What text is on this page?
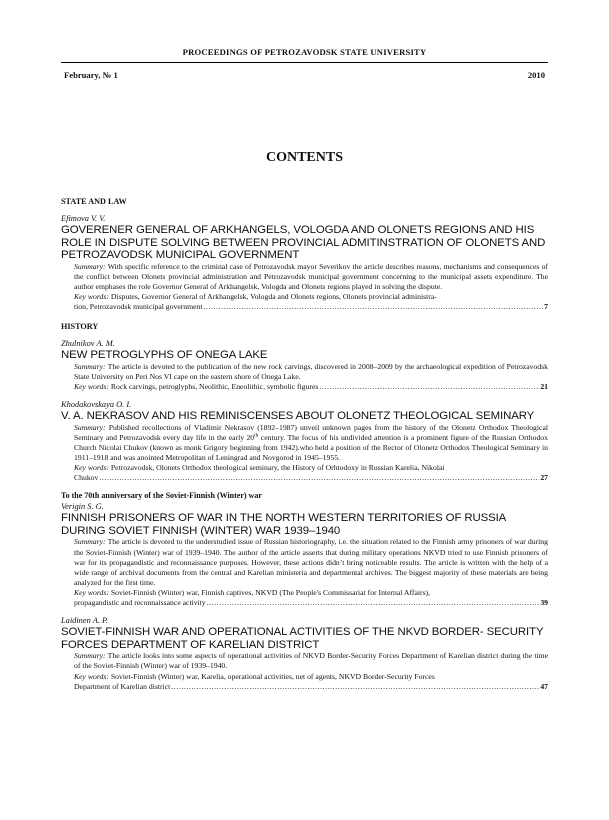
PROCEEDINGS OF PETROZAVODSK STATE UNIVERSITY
February, № 1	2010
CONTENTS
STATE AND LAW
Efimova V. V.
GOVERENER GENERAL OF ARKHANGELS, VOLOGDA AND OLONETS REGIONS AND HIS ROLE IN DISPUTE SOLVING BETWEEN PROVINCIAL ADMITINSTRATION OF OLONETS AND PETROZAVODSK MUNICIPAL GOVERNMENT
Summary: With specific reference to the criminal case of Petrozavodsk mayor Severikov the article describes reasons, mechanisms and consequences of the conflict between Olonets provincial administration and Petrozavodsk municipal government concerning to the municipal assets expenditure. The author emphases the role Governor General of Arkhangelsk, Vologda and Olonets regions played in solving the dispute.
Key words: Disputes, Governor General of Arkhangelsk, Vologda and Olonets regions, Olonets provincial administra-
tion, Petrozavodsk municipal government .....	7
HISTORY
Zhulnikov A. M.
NEW PETROGLYPHS OF ONEGA LAKE
Summary: The article is devoted to the publication of the new rock carvings, discovered in 2008–2009 by the archaeological expedition of Petrozavodsk State University on Peri Nos VI cape on the eastern shore of Onega Lake.
Key words: Rock carvings, petroglyphs, Neolithic, Eneolithic, symbolic figures .....	21
Khodakovskaya O. I.
V. A. NEKRASOV AND HIS REMINISCENSES ABOUT OLONETZ THEOLOGICAL SEMINARY
Summary: Published recollections of Vladimir Nekrasov (1892–1987) unveil unknown pages from the history of the Olonetz Orthodox Theological Seminary and Petrozavodsk every day life in the early 20th century. The focus of his undivided attention is a prominent figure of the Russian Orthodox Church Nicolai Chukov (known as monk Grigory beginning from 1942).who held a position of the Rector of Olonetz Orthodox Theological Seminary in 1911–1918 and was anointed Metropolitan of Leningrad and Novgorod in 1945–1955.
Key words: Petrozavodsk, Olonets Orthodox theological seminary, the History of Orhtodoxy in Russian Karelia, Nikolai
Chukov .....	27
To the 70th anniversary of the Soviet-Finnish (Winter) war
Verigin S. G.
FINNISH PRISONERS OF WAR IN THE NORTH WESTERN TERRITORIES OF RUSSIA DURING SOVIET FINNISH (WINTER) WAR 1939–1940
Summary: The article is devoted to the understudied issue of Russian historiography, i.e. the situation related to the Finnish army prisoners of war during the Soviet-Finnish (Winter) war of 1939–1940. The author of the article asserts that during military operations NKVD tried to use Finnish prisoners of war for its propagandistic and reconnaissance purposes. However, these actions didn’t bring noticeable results. The article is written with the help of a wide range of archival documents from the central and Karelian ministeria and departmental archives. The biggest majority of these materials are being analyzed for the first time.
Key words: Soviet-Finnish (Winter) war, Finnish captives, NKVD (The People's Commissariat for Internal Affairs),
propagandistic and reconnaissance activity .....	39
Laidinen A. P.
SOVIET-FINNISH WAR AND OPERATIONAL ACTIVITIES OF THE NKVD BORDER- SECURITY FORCES DEPARTMENT OF KARELIAN DISTRICT
Summary: The article looks into some aspects of operational activities of NKVD Border-Security Forces Department of Karelian district during the time of the Soviet-Finnish (Winter) war of 1939–1940.
Key words: Soviet-Finnish (Winter) war, Karelia, operational activities, net of agents, NKVD Border-Security Forces
Department of Karelian district .....	47
